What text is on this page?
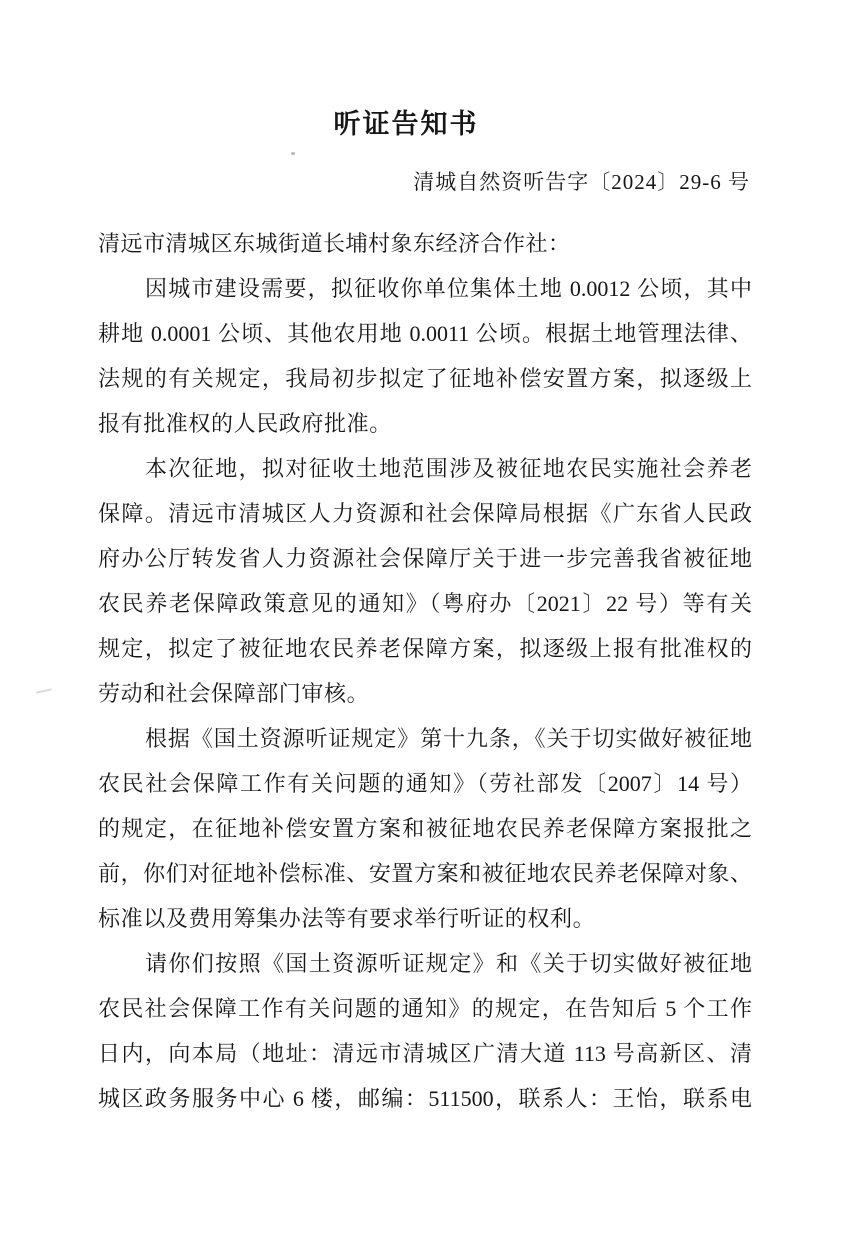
听证告知书
清城自然资听告字〔2024〕29-6 号
清远市清城区东城街道长埔村象东经济合作社：
因城市建设需要，拟征收你单位集体土地 0.0012 公顷，其中
耕地 0.0001 公顷、其他农用地 0.0011 公顷。根据土地管理法律、
法规的有关规定，我局初步拟定了征地补偿安置方案，拟逐级上
报有批准权的人民政府批准。
本次征地，拟对征收土地范围涉及被征地农民实施社会养老
保障。清远市清城区人力资源和社会保障局根据《广东省人民政
府办公厅转发省人力资源社会保障厅关于进一步完善我省被征地
农民养老保障政策意见的通知》（粤府办〔2021〕22 号）等有关
规定，拟定了被征地农民养老保障方案，拟逐级上报有批准权的
劳动和社会保障部门审核。
根据《国土资源听证规定》第十九条，《关于切实做好被征地
农民社会保障工作有关问题的通知》（劳社部发〔2007〕14 号）
的规定，在征地补偿安置方案和被征地农民养老保障方案报批之
前，你们对征地补偿标准、安置方案和被征地农民养老保障对象、
标准以及费用筹集办法等有要求举行听证的权利。
请你们按照《国土资源听证规定》和《关于切实做好被征地
农民社会保障工作有关问题的通知》的规定，在告知后 5 个工作
日内，向本局（地址：清远市清城区广清大道 113 号高新区、清
城区政务服务中心 6 楼，邮编：511500，联系人：王怡，联系电
